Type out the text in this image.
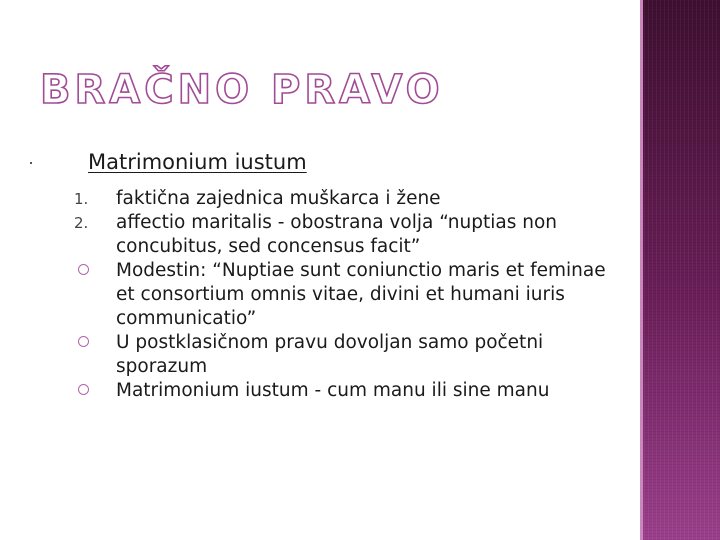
BRAČNO PRAVO
Matrimonium iustum
1. faktična zajednica muškarca i žene
2. affectio maritalis - obostrana volja “nuptias non concubitus, sed concensus facit”
Modestin: “Nuptiae sunt coniunctio maris et feminae et consortium omnis vitae, divini et humani iuris communicatio”
U postklasičnom pravu dovoljan samo početni sporazum
Matrimonium iustum - cum manu ili sine manu
